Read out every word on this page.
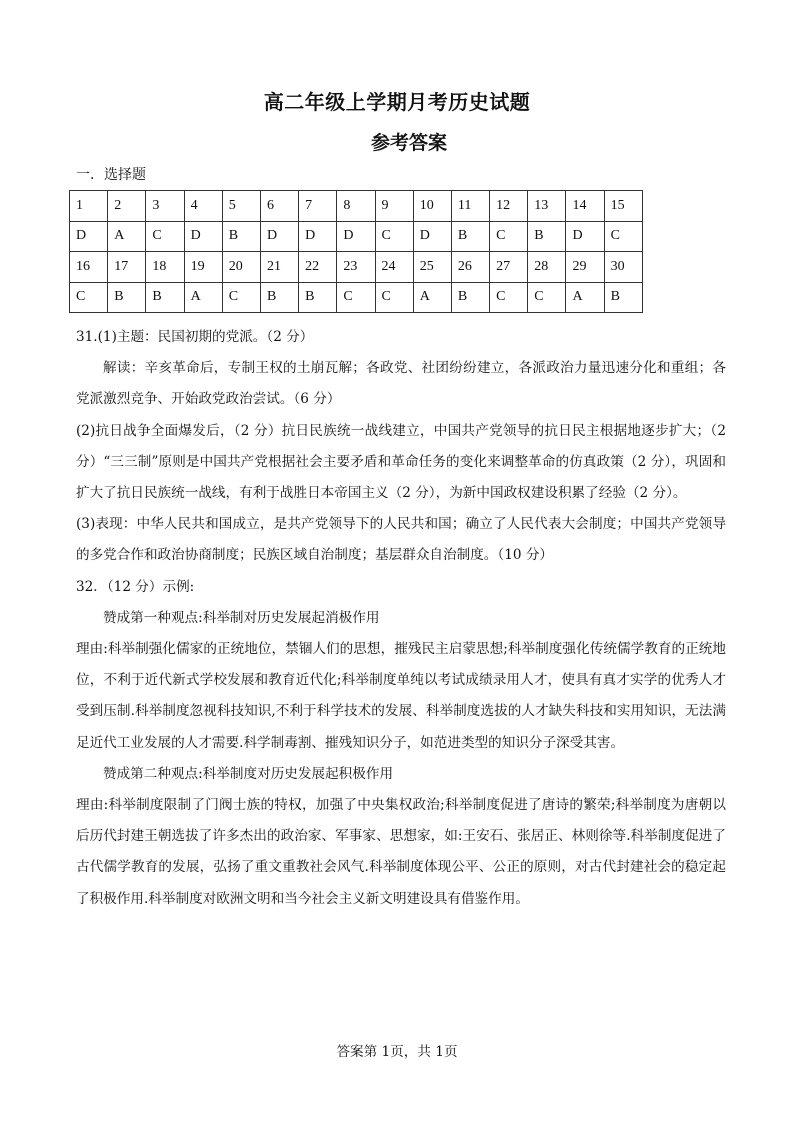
高二年级上学期月考历史试题
参考答案
一．选择题
1	2	3	4	5	6	7	8	9	10	11	12	13	14	15
D	A	C	D	B	D	D	D	C	D	B	C	B	D	C
16	17	18	19	20	21	22	23	24	25	26	27	28	29	30
C	B	B	A	C	B	B	C	C	A	B	C	C	A	B

31.(1)主题：民国初期的党派。（2 分）

解读：辛亥革命后，专制王权的土崩瓦解；各政党、社团纷纷建立，各派政治力量迅速分化和重组；各党派激烈竞争、开始政党政治尝试。（6 分）

(2)抗日战争全面爆发后，（2 分）抗日民族统一战线建立，中国共产党领导的抗日民主根据地逐步扩大；（2 分）“三三制”原则是中国共产党根据社会主要矛盾和革命任务的变化来调整革命的仿真政策（2 分），巩固和扩大了抗日民族统一战线，有利于战胜日本帝国主义（2 分），为新中国政权建设积累了经验（2 分）。

(3)表现：中华人民共和国成立，是共产党领导下的人民共和国；确立了人民代表大会制度；中国共产党领导的多党合作和政治协商制度；民族区域自治制度；基层群众自治制度。（10 分）

32．（12 分）示例:

赞成第一种观点:科举制对历史发展起消极作用

理由:科举制强化儒家的正统地位，禁锢人们的思想，摧残民主启蒙思想;科举制度强化传统儒学教育的正统地位，不利于近代新式学校发展和教育近代化;科举制度单纯以考试成绩录用人才，使具有真才实学的优秀人才受到压制.科举制度忽视科技知识,不利于科学技术的发展、科举制度选拔的人才缺失科技和实用知识，无法满足近代工业发展的人才需要.科学制毒割、摧残知识分子，如范进类型的知识分子深受其害。

赞成第二种观点:科举制度对历史发展起积极作用

理由:科举制度限制了门阀士族的特权，加强了中央集权政治;科举制度促进了唐诗的繁荣;科举制度为唐朝以后历代封建王朝选拔了许多杰出的政治家、军事家、思想家，如:王安石、张居正、林则徐等.科举制度促进了古代儒学教育的发展，弘扬了重文重教社会风气.科举制度体现公平、公正的原则，对古代封建社会的稳定起了积极作用.科举制度对欧洲文明和当今社会主义新文明建设具有借鉴作用。

答案第 1页，共 1页
